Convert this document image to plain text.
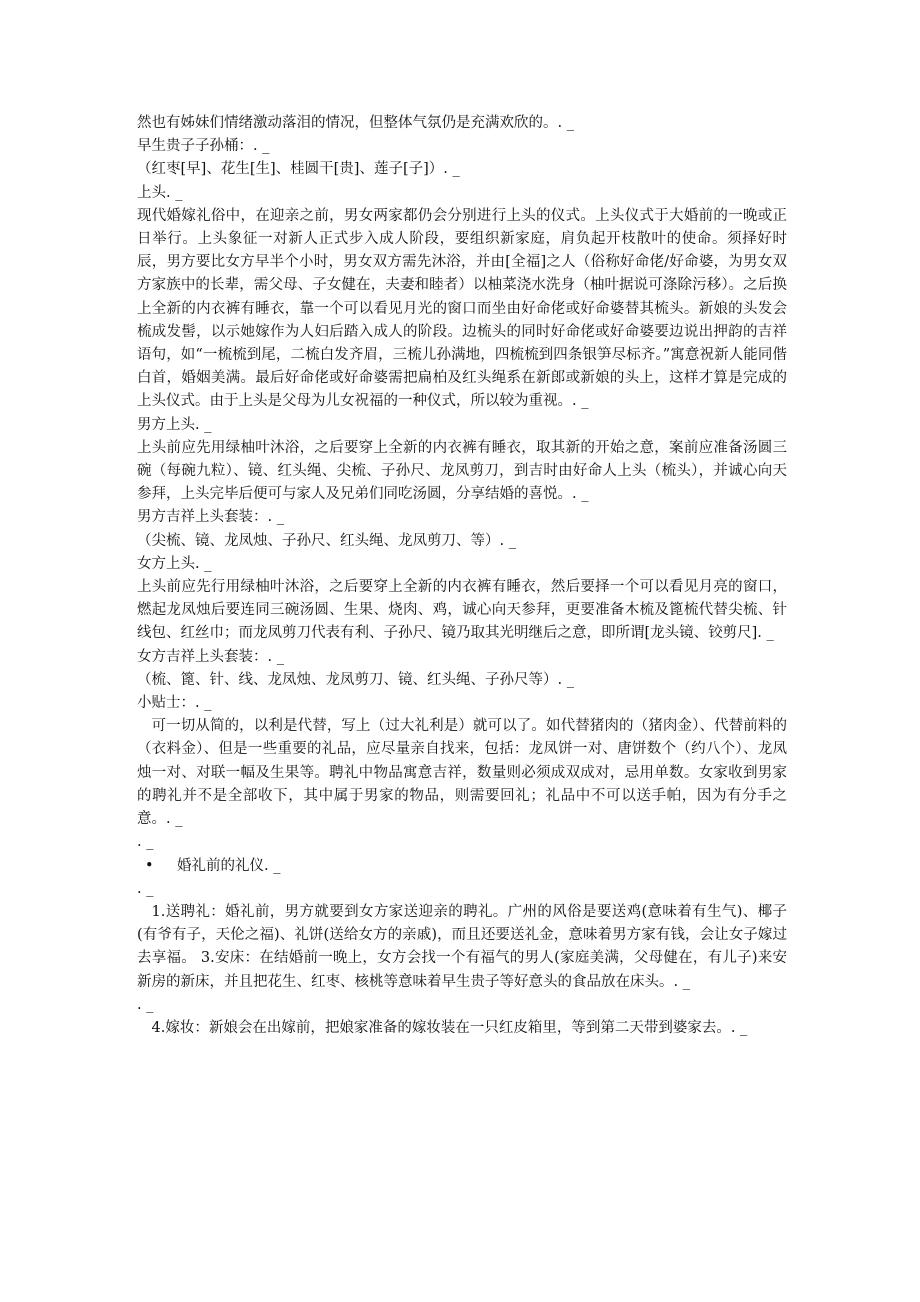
然也有姊妹们情绪激动落泪的情况，但整体气氛仍是充满欢欣的。. _

早生贵子子孙桶：. _

（红枣[早]、花生[生]、桂圆干[贵]、莲子[子]）. _

上头. _

现代婚嫁礼俗中，在迎亲之前，男女两家都仍会分别进行上头的仪式。上头仪式于大婚前的一晚或正日举行。上头象征一对新人正式步入成人阶段，要组织新家庭，肩负起开枝散叶的使命。须择好时辰，男方要比女方早半个小时，男女双方需先沐浴，并由[全福]之人（俗称好命佬/好命婆，为男女双方家族中的长辈，需父母、子女健在，夫妻和睦者）以柚菜浇水洗身（柚叶据说可涤除污移）。之后换上全新的内衣裤有睡衣，靠一个可以看见月光的窗口而坐由好命佬或好命婆替其梳头。新娘的头发会梳成发髻，以示她嫁作为人妇后踏入成人的阶段。边梳头的同时好命佬或好命婆要边说出押韵的吉祥语句，如“一梳梳到尾，二梳白发齐眉，三梳儿孙满地，四梳梳到四条银笋尽标齐。”寓意祝新人能同偕白首，婚姻美满。最后好命佬或好命婆需把扁柏及红头绳系在新郎或新娘的头上，这样才算是完成的上头仪式。由于上头是父母为儿女祝福的一种仪式，所以较为重视。. _

男方上头. _

上头前应先用绿柚叶沐浴，之后要穿上全新的内衣裤有睡衣，取其新的开始之意，案前应准备汤圆三碗（每碗九粒）、镜、红头绳、尖梳、子孙尺、龙凤剪刀，到吉时由好命人上头（梳头），并诚心向天参拜，上头完毕后便可与家人及兄弟们同吃汤圆，分享结婚的喜悦。. _

男方吉祥上头套装：. _

（尖梳、镜、龙凤烛、子孙尺、红头绳、龙凤剪刀、等）. _

女方上头. _

上头前应先行用绿柚叶沐浴，之后要穿上全新的内衣裤有睡衣，然后要择一个可以看见月亮的窗口，燃起龙凤烛后要连同三碗汤圆、生果、烧肉、鸡，诚心向天参拜，更要准备木梳及篦梳代替尖梳、针线包、红丝巾；而龙凤剪刀代表有利、子孙尺、镜乃取其光明继后之意，即所谓[龙头镜、铰剪尺]. _

女方吉祥上头套装：. _

（梳、篦、针、线、龙凤烛、龙凤剪刀、镜、红头绳、子孙尺等）. _

小贴士：. _

可一切从简的，以利是代替，写上（过大礼利是）就可以了。如代替猪肉的（猪肉金）、代替前料的（衣料金）、但是一些重要的礼品，应尽量亲自找来，包括：龙凤饼一对、唐饼数个（约八个）、龙凤烛一对、对联一幅及生果等。聘礼中物品寓意吉祥，数量则必须成双成对，忌用单数。女家收到男家的聘礼并不是全部收下，其中属于男家的物品，则需要回礼；礼品中不可以送手帕，因为有分手之意。. _

. _

•	婚礼前的礼仪. _

. _

1.送聘礼：婚礼前，男方就要到女方家送迎亲的聘礼。广州的风俗是要送鸡(意味着有生气)、椰子(有爷有子，天伦之福)、礼饼(送给女方的亲戚)，而且还要送礼金，意味着男方家有钱，会让女子嫁过去享福。 3.安床：在结婚前一晚上，女方会找一个有福气的男人(家庭美满，父母健在，有儿子)来安新房的新床，并且把花生、红枣、核桃等意味着早生贵子等好意头的食品放在床头。. _

. _

4.嫁妆：新娘会在出嫁前，把娘家准备的嫁妆装在一只红皮箱里，等到第二天带到婆家去。. _
